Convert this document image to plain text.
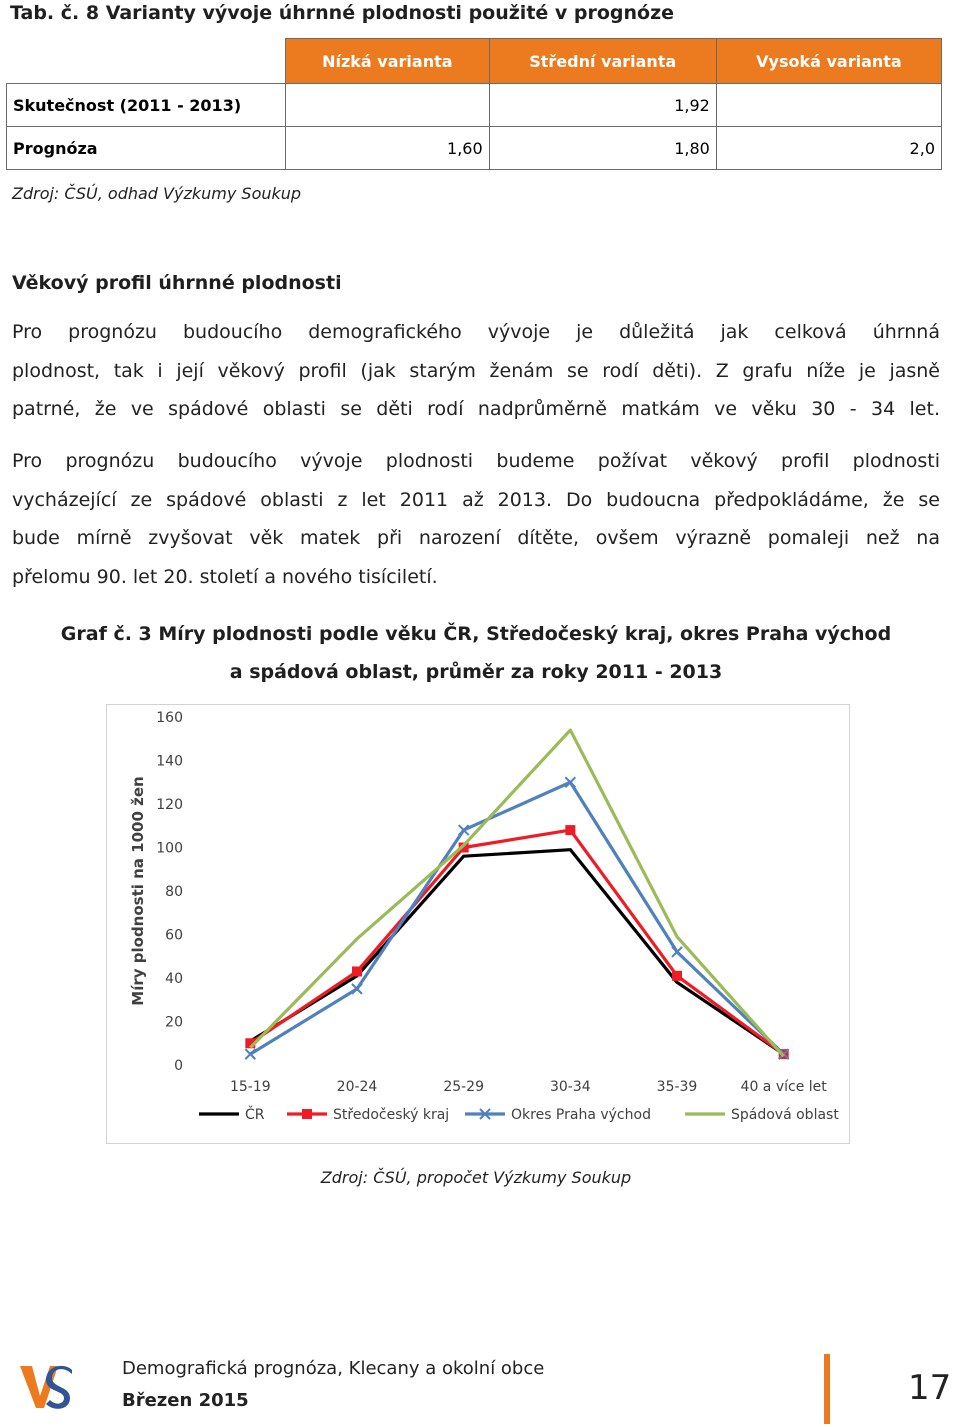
Tab. č. 8 Varianty vývoje úhrnné plodnosti použité v prognóze
	Nízká varianta	Střední varianta	Vysoká varianta
Skutečnost (2011 - 2013)		1,92	
Prognóza	1,60	1,80	2,0
Zdroj: ČSÚ, odhad Výzkumy Soukup
Věkový profil úhrnné plodnosti
Pro prognózu budoucího demografického vývoje je důležitá jak celková úhrnná
plodnost, tak i její věkový profil (jak starým ženám se rodí děti). Z grafu níže je jasně
patrné, že ve spádové oblasti se děti rodí nadprůměrně matkám ve věku 30 - 34 let.
Pro prognózu budoucího vývoje plodnosti budeme požívat věkový profil plodnosti
vycházející ze spádové oblasti z let 2011 až 2013. Do budoucna předpokládáme, že se
bude mírně zvyšovat věk matek při narození dítěte, ovšem výrazně pomaleji než na
přelomu 90. let 20. století a nového tisíciletí.
Graf č. 3 Míry plodnosti podle věku ČR, Středočeský kraj, okres Praha východ
a spádová oblast, průměr za roky 2011 - 2013
0
20
40
60
80
100
120
140
160
Míry plodnosti na 1000 žen
15-19	20-24	25-29	30-34	35-39	40 a více let
ČR	Středočeský kraj	Okres Praha východ	Spádová oblast
Zdroj: ČSÚ, propočet Výzkumy Soukup
Demografická prognóza, Klecany a okolní obce
Březen 2015	17
